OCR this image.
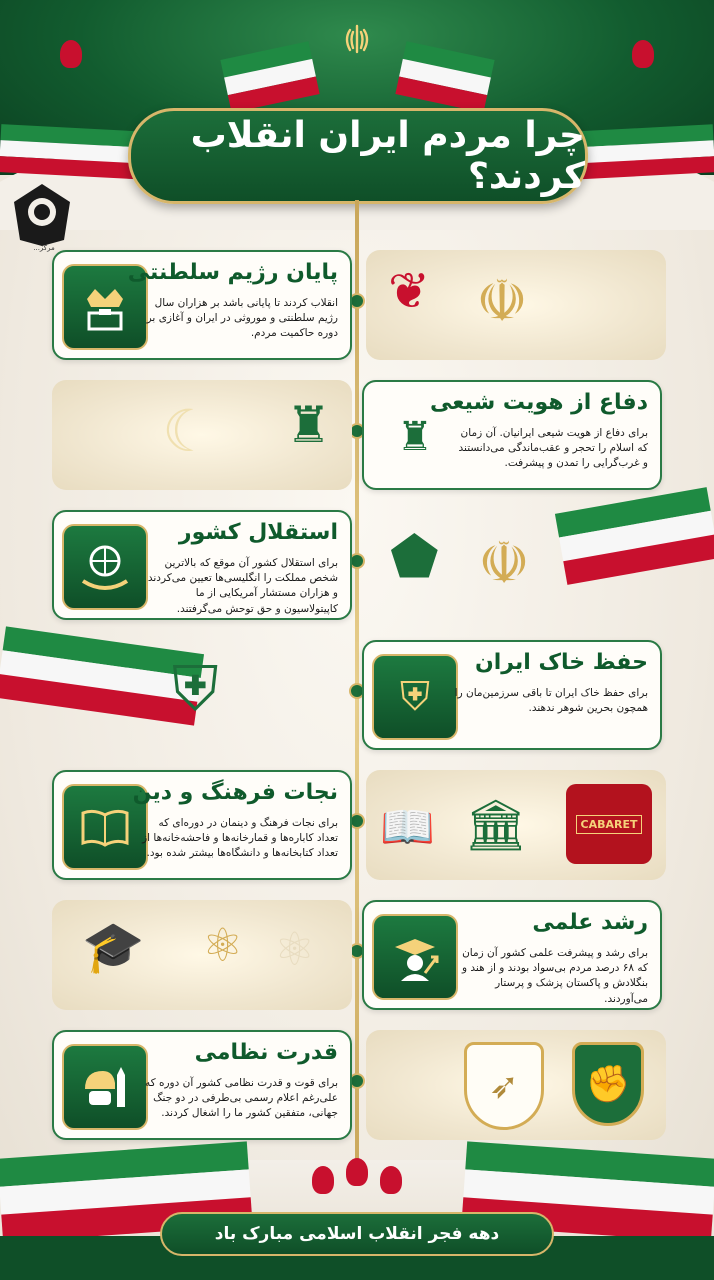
چرا مردم ایران انقلاب کردند؟
مرکز...
پایان رژیم سلطنتی
انقلاب کردند تا پایانی باشد بر هزاران سال رژیم سلطنتی و موروثی در ایران و آغازی بر دوره حاکمیت مردم.
❦ ☫
☾ ♜	♜
دفاع از هویت شیعی
برای دفاع از هویت شیعی ایرانیان. آن زمان که اسلام را تحجر و عقب‌ماندگی می‌دانستند و غرب‌گرایی را تمدن و پیشرفت.
استقلال کشور
برای استقلال کشور آن موقع که بالاترین شخص مملکت را انگلیسی‌ها تعیین می‌کردند و هزاران مستشار آمریکایی از ما کاپیتولاسیون و حق توحش می‌گرفتند.
⬟ ☫
⛨	⛨
حفظ خاک ایران
برای حفظ خاک ایران تا باقی سرزمین‌مان را همچون بحرین شوهر ندهند.
نجات فرهنگ و دین
برای نجات فرهنگ و دینمان در دوره‌ای که تعداد کاباره‌ها و قمارخانه‌ها و فاحشه‌خانه‌ها از تعداد کتابخانه‌ها و دانشگاه‌ها بیشتر شده بود.
📖 🏛	CABARET
🎓 ⚛ ⚛	رشد علمی
برای رشد و پیشرفت علمی کشور آن زمان که ۶۸ درصد مردم بی‌سواد بودند و از هند و بنگلادش و پاکستان پزشک و پرستار می‌آوردند.
قدرت نظامی
برای قوت و قدرت نظامی کشور آن دوره که علی‌رغم اعلام رسمی بی‌طرفی در دو جنگ جهانی، متفقین کشور ما را اشغال کردند.
➶	✊
دهه فجر انقلاب اسلامی مبارک باد
